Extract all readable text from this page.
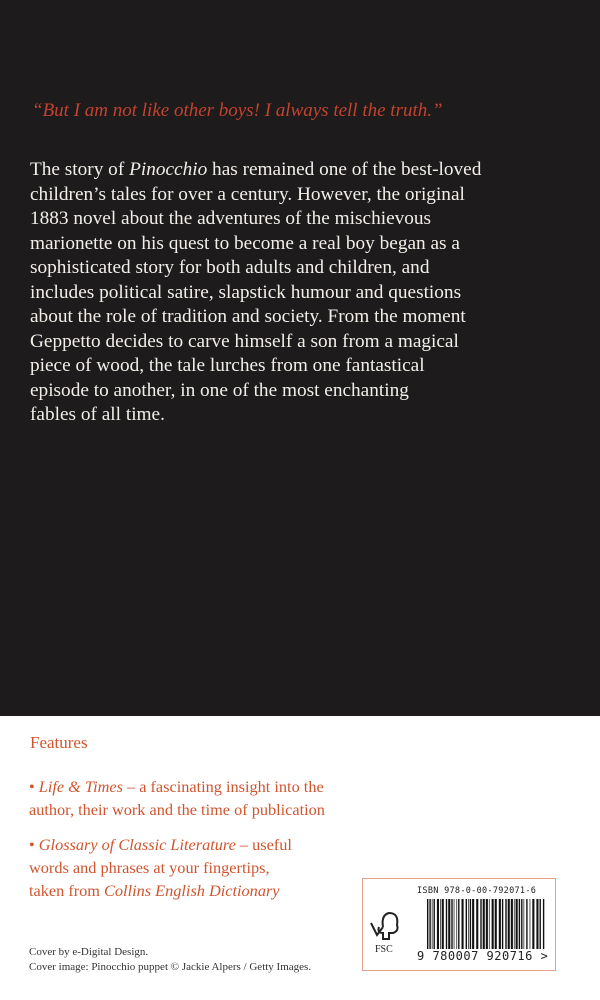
“But I am not like other boys! I always tell the truth.”
The story of Pinocchio has remained one of the best-loved
children’s tales for over a century. However, the original
1883 novel about the adventures of the mischievous
marionette on his quest to become a real boy began as a
sophisticated story for both adults and children, and
includes political satire, slapstick humour and questions
about the role of tradition and society. From the moment
Geppetto decides to carve himself a son from a magical
piece of wood, the tale lurches from one fantastical
episode to another, in one of the most enchanting
fables of all time.
Features
• Life & Times – a fascinating insight into the
author, their work and the time of publication
• Glossary of Classic Literature – useful
words and phrases at your fingertips,
taken from Collins English Dictionary
Cover by e-Digital Design.
Cover image: Pinocchio puppet © Jackie Alpers / Getty Images.
ISBN 978-0-00-792071-6
FSC 9 780007 920716 >
